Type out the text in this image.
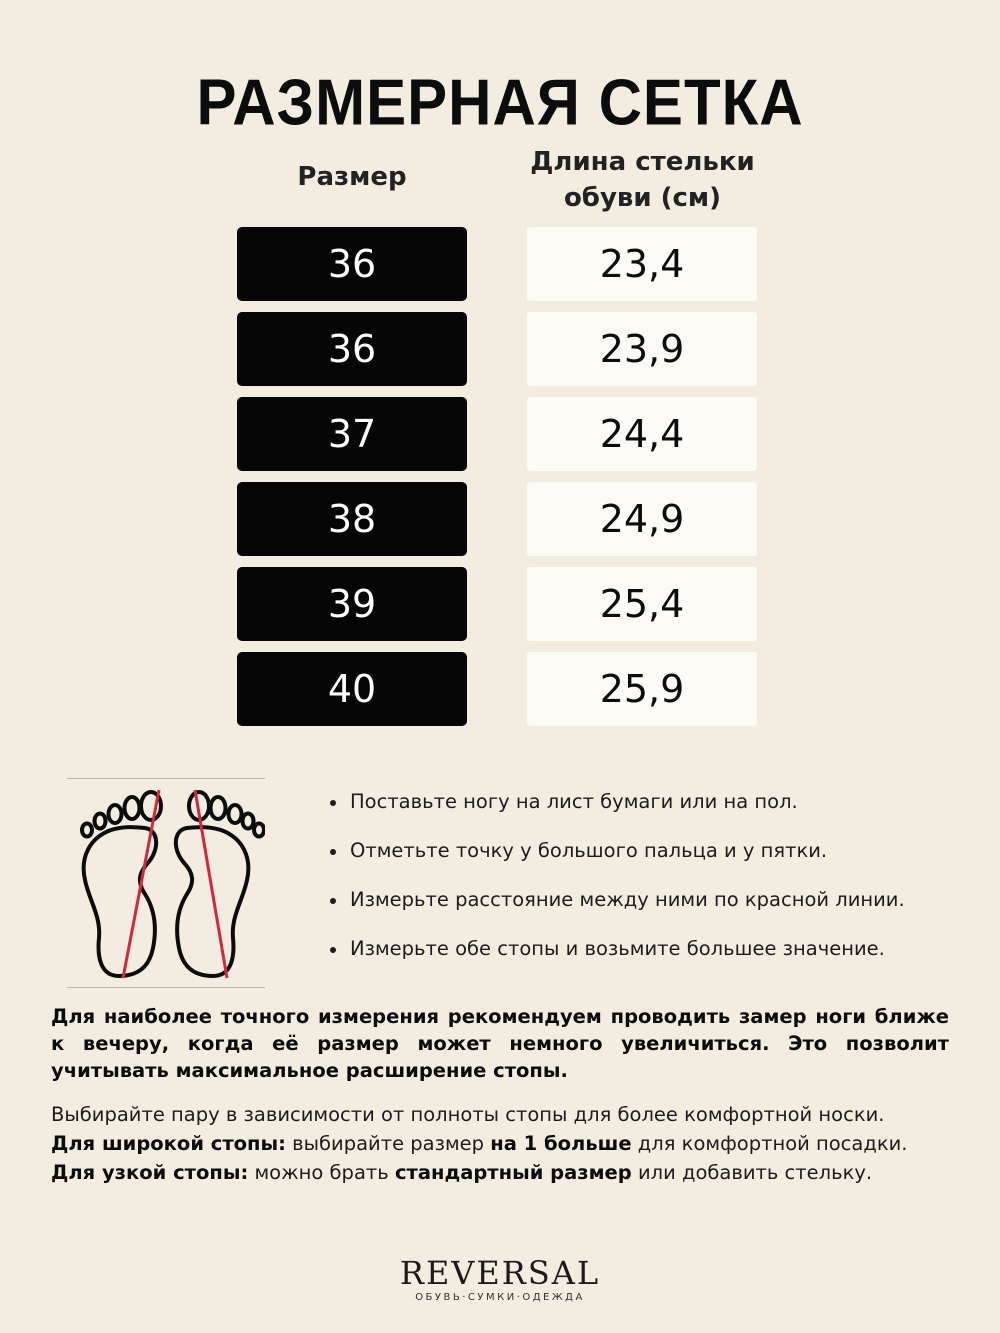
РАЗМЕРНАЯ СЕТКА
Размер	Длина стельки
обуви (см)
36	23,4
36	23,9
37	24,4
38	24,9
39	25,4
40	25,9
Поставьте ногу на лист бумаги или на пол.
Отметьте точку у большого пальца и у пятки.
Измерьте расстояние между ними по красной линии.
Измерьте обе стопы и возьмите большее значение.
Для наиболее точного измерения рекомендуем проводить замер ноги ближе к вечеру, когда её размер может немного увеличиться. Это позволит учитывать максимальное расширение стопы.
Выбирайте пару в зависимости от полноты стопы для более комфортной носки.
Для широкой стопы: выбирайте размер на 1 больше для комфортной посадки.
Для узкой стопы: можно брать стандартный размер или добавить стельку.
REVERSAL
ОБУВЬ·СУМКИ·ОДЕЖДА
